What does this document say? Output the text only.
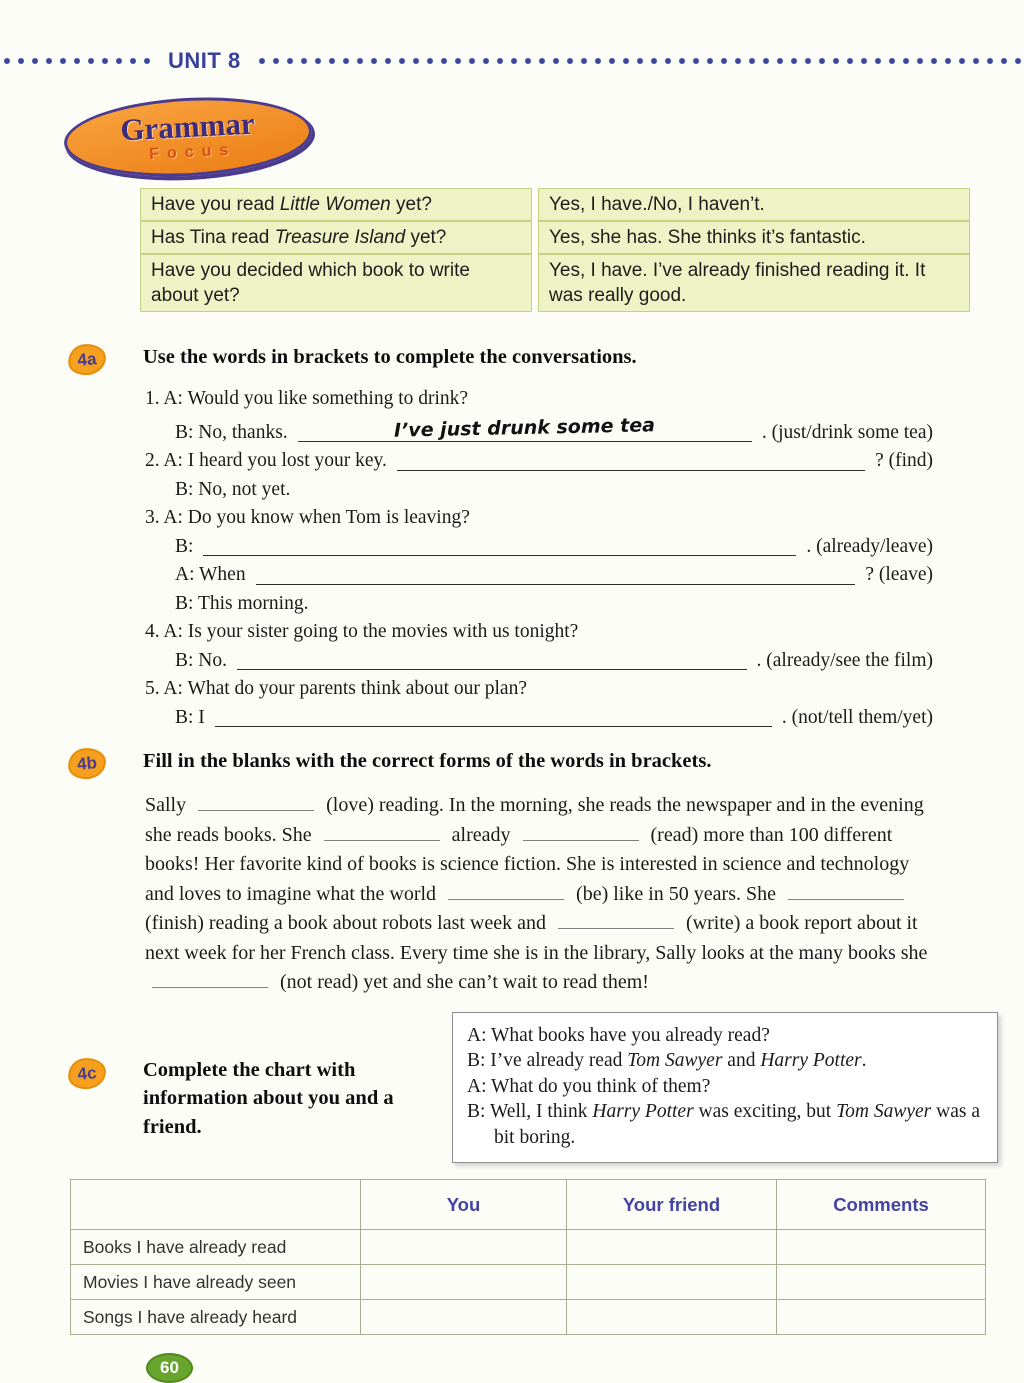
UNIT 8
Grammar
Focus
Have you read Little Women yet?	Yes, I have./No, I haven’t.
Has Tina read Treasure Island yet?	Yes, she has. She thinks it’s fantastic.
Have you decided which book to write about yet?
Yes, I have. I’ve already finished reading it. It was really good.
4a	Use the words in brackets to complete the conversations.
1. A: Would you like something to drink?
B: No, thanks.	I’ve just drunk some tea	. (just/drink some tea)
2. A: I heard you lost your key.	? (find)
B: No, not yet.
3. A: Do you know when Tom is leaving?
B:	. (already/leave)
A: When	? (leave)
B: This morning.
4. A: Is your sister going to the movies with us tonight?
B: No.	. (already/see the film)
5. A: What do your parents think about our plan?
B: I	. (not/tell them/yet)
4b	Fill in the blanks with the correct forms of the words in brackets.

Sally	(love) reading. In the morning, she reads the newspaper and in the evening she reads books. She	already	(read) more than 100 different books! Her favorite kind of books is science fiction. She is interested in science and technology and loves to imagine what the world	(be) like in 50 years. She  (finish) reading a book about robots last week and	(write) a book report about it next week for her French class. Every time she is in the library, Sally looks at the many books she  (not read) yet and she can’t wait to read them!

4c	Complete the chart with information about you and a friend.
A: What books have you already read?
B: I’ve already read Tom Sawyer and Harry Potter.
A: What do you think of them?
B: Well, I think Harry Potter was exciting, but Tom Sawyer was a bit boring.
	You	Your friend	Comments
Books I have already read			
Movies I have already seen			
Songs I have already heard			
60
